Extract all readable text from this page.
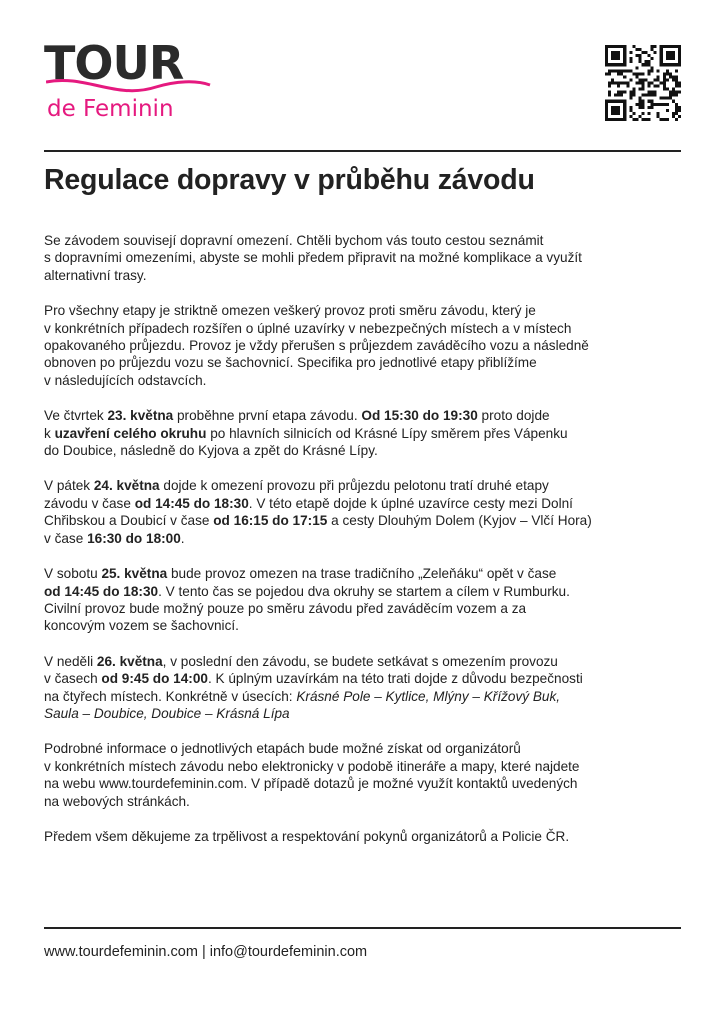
TOUR
de Feminin
Regulace dopravy v průběhu závodu

Se závodem souvisejí dopravní omezení. Chtěli bychom vás touto cestou seznámit
s dopravními omezeními, abyste se mohli předem připravit na možné komplikace a využít
alternativní trasy.

Pro všechny etapy je striktně omezen veškerý provoz proti směru závodu, který je
v konkrétních případech rozšířen o úplné uzavírky v nebezpečných místech a v místech
opakovaného průjezdu. Provoz je vždy přerušen s průjezdem zaváděcího vozu a následně
obnoven po průjezdu vozu se šachovnicí. Specifika pro jednotlivé etapy přiblížíme
v následujících odstavcích.

Ve čtvrtek 23. května proběhne první etapa závodu. Od 15:30 do 19:30 proto dojde
k uzavření celého okruhu po hlavních silnicích od Krásné Lípy směrem přes Vápenku
do Doubice, následně do Kyjova a zpět do Krásné Lípy.

V pátek 24. května dojde k omezení provozu při průjezdu pelotonu tratí druhé etapy
závodu v čase od 14:45 do 18:30. V této etapě dojde k úplné uzavírce cesty mezi Dolní
Chřibskou a Doubicí v čase od 16:15 do 17:15 a cesty Dlouhým Dolem (Kyjov – Vlčí Hora)
v čase 16:30 do 18:00.

V sobotu 25. května bude provoz omezen na trase tradičního „Zeleňáku“ opět v čase
od 14:45 do 18:30. V tento čas se pojedou dva okruhy se startem a cílem v Rumburku.
Civilní provoz bude možný pouze po směru závodu před zaváděcím vozem a za
koncovým vozem se šachovnicí.

V neděli 26. května, v poslední den závodu, se budete setkávat s omezením provozu
v časech od 9:45 do 14:00. K úplným uzavírkám na této trati dojde z důvodu bezpečnosti
na čtyřech místech. Konkrétně v úsecích: Krásné Pole – Kytlice, Mlýny – Křížový Buk,
Saula – Doubice, Doubice – Krásná Lípa

Podrobné informace o jednotlivých etapách bude možné získat od organizátorů
v konkrétních místech závodu nebo elektronicky v podobě itineráře a mapy, které najdete
na webu www.tourdefeminin.com. V případě dotazů je možné využít kontaktů uvedených
na webových stránkách.

Předem všem děkujeme za trpělivost a respektování pokynů organizátorů a Policie ČR.

www.tourdefeminin.com | info@tourdefeminin.com
